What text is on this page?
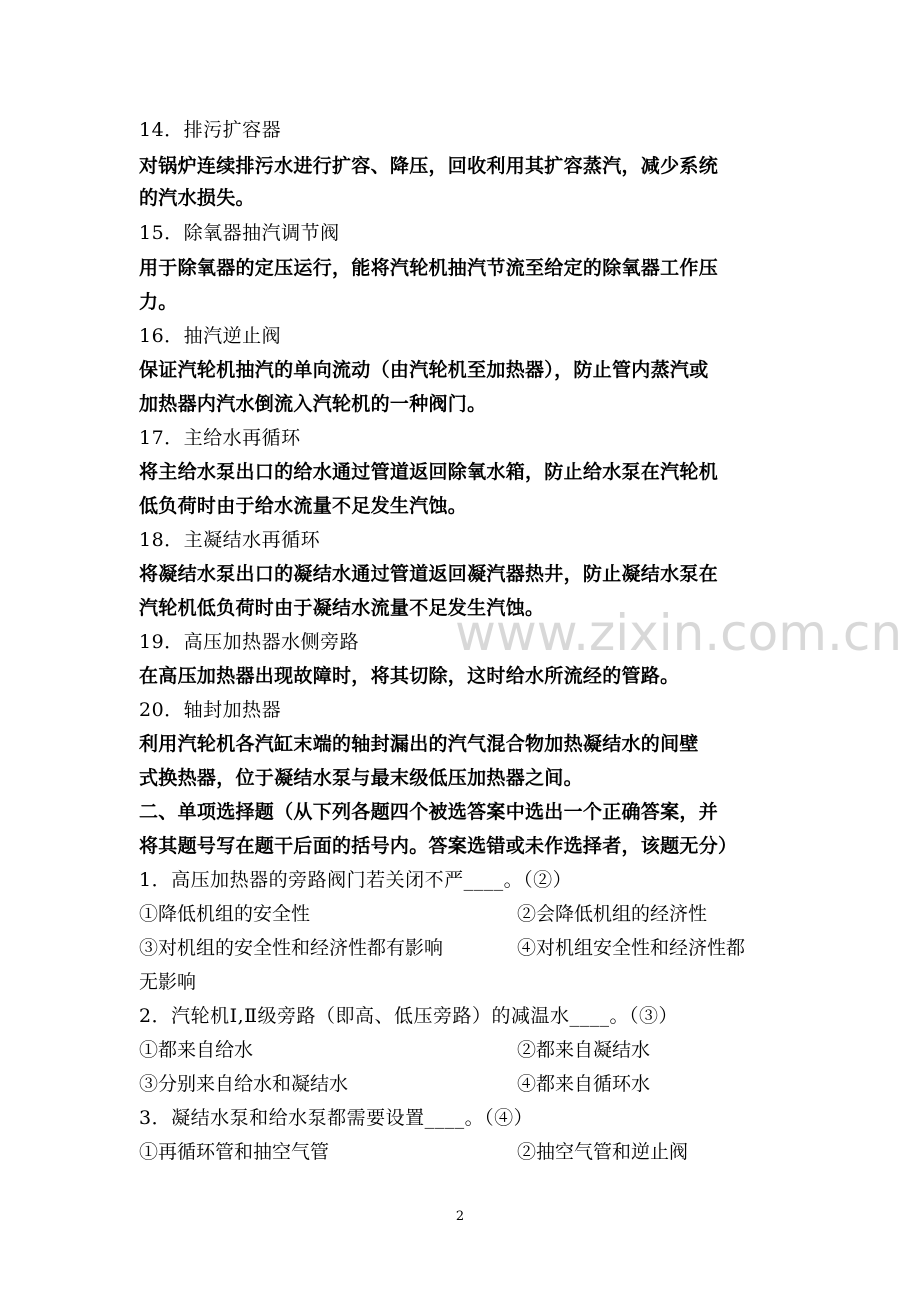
www.zixin.com.cn
14．排污扩容器
对锅炉连续排污水进行扩容、降压，回收利用其扩容蒸汽，减少系统
的汽水损失。
15．除氧器抽汽调节阀
用于除氧器的定压运行，能将汽轮机抽汽节流至给定的除氧器工作压
力。
16．抽汽逆止阀
保证汽轮机抽汽的单向流动（由汽轮机至加热器），防止管内蒸汽或
加热器内汽水倒流入汽轮机的一种阀门。
17．主给水再循环
将主给水泵出口的给水通过管道返回除氧水箱，防止给水泵在汽轮机
低负荷时由于给水流量不足发生汽蚀。
18．主凝结水再循环
将凝结水泵出口的凝结水通过管道返回凝汽器热井，防止凝结水泵在
汽轮机低负荷时由于凝结水流量不足发生汽蚀。
19．高压加热器水侧旁路
在高压加热器出现故障时，将其切除，这时给水所流经的管路。
20．轴封加热器
利用汽轮机各汽缸末端的轴封漏出的汽气混合物加热凝结水的间壁
式换热器，位于凝结水泵与最末级低压加热器之间。
二、单项选择题（从下列各题四个被选答案中选出一个正确答案，并
将其题号写在题干后面的括号内。答案选错或未作选择者，该题无分）
1．高压加热器的旁路阀门若关闭不严____。（②）
①降低机组的安全性	②会降低机组的经济性
③对机组的安全性和经济性都有影响	④对机组安全性和经济性都
无影响
2．汽轮机Ⅰ,Ⅱ级旁路（即高、低压旁路）的减温水____。（③）
①都来自给水	②都来自凝结水
③分别来自给水和凝结水	④都来自循环水
3．凝结水泵和给水泵都需要设置____。（④）
①再循环管和抽空气管	②抽空气管和逆止阀
2
